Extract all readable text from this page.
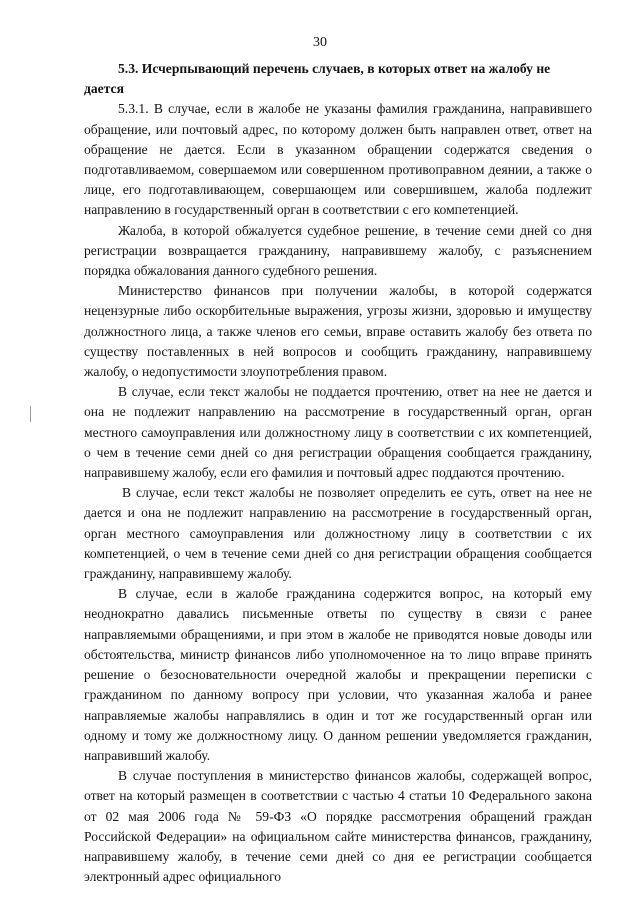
30

5.3. Исчерпывающий перечень случаев, в которых ответ на жалобу не дается

5.3.1. В случае, если в жалобе не указаны фамилия гражданина, направившего обращение, или почтовый адрес, по которому должен быть направлен ответ, ответ на обращение не дается. Если в указанном обращении содержатся сведения о подготавливаемом, совершаемом или совершенном противоправном деянии, а также о лице, его подготавливающем, совершающем или совершившем, жалоба подлежит направлению в государственный орган в соответствии с его компетенцией.

Жалоба, в которой обжалуется судебное решение, в течение семи дней со дня регистрации возвращается гражданину, направившему жалобу, с разъяснением порядка обжалования данного судебного решения.

Министерство финансов при получении жалобы, в которой содержатся нецензурные либо оскорбительные выражения, угрозы жизни, здоровью и имуществу должностного лица, а также членов его семьи, вправе оставить жалобу без ответа по существу поставленных в ней вопросов и сообщить гражданину, направившему жалобу, о недопустимости злоупотребления правом.

В случае, если текст жалобы не поддается прочтению, ответ на нее не дается и она не подлежит направлению на рассмотрение в государственный орган, орган местного самоуправления или должностному лицу в соответствии с их компетенцией, о чем в течение семи дней со дня регистрации обращения сообщается гражданину, направившему жалобу, если его фамилия и почтовый адрес поддаются прочтению.

В случае, если текст жалобы не позволяет определить ее суть, ответ на нее не дается и она не подлежит направлению на рассмотрение в государственный орган, орган местного самоуправления или должностному лицу в соответствии с их компетенцией, о чем в течение семи дней со дня регистрации обращения сообщается гражданину, направившему жалобу.

В случае, если в жалобе гражданина содержится вопрос, на который ему неоднократно давались письменные ответы по существу в связи с ранее направляемыми обращениями, и при этом в жалобе не приводятся новые доводы или обстоятельства, министр финансов либо уполномоченное на то лицо вправе принять решение о безосновательности очередной жалобы и прекращении переписки с гражданином по данному вопросу при условии, что указанная жалоба и ранее направляемые жалобы направлялись в один и тот же государственный орган или одному и тому же должностному лицу. О данном решении уведомляется гражданин, направивший жалобу.

В случае поступления в министерство финансов жалобы, содержащей вопрос, ответ на который размещен в соответствии с частью 4 статьи 10 Федерального закона от 02 мая 2006 года № 59-ФЗ «О порядке рассмотрения обращений граждан Российской Федерации» на официальном сайте министерства финансов, гражданину, направившему жалобу, в течение семи дней со дня ее регистрации сообщается электронный адрес официального
